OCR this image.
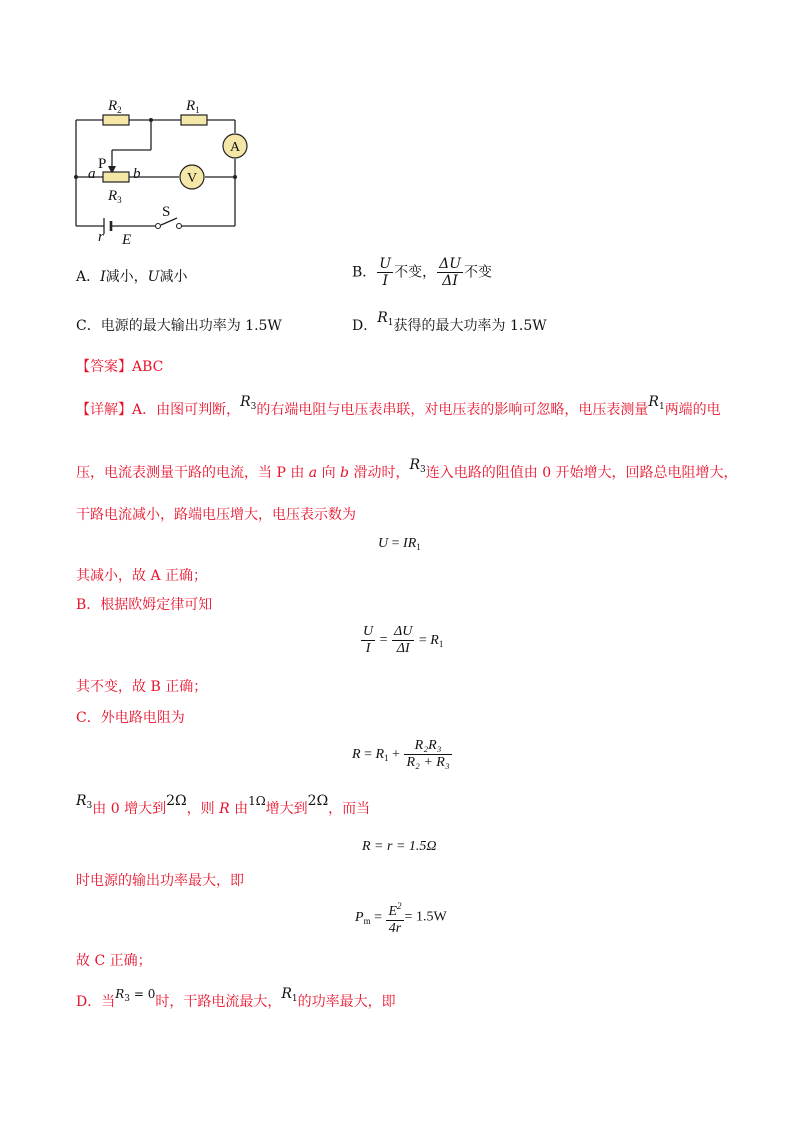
A
V
$R_2$	$R_1$
$R_3$
P
a	b
S
r E
A．I减小，U减小	B． $\frac{U}{I}$ 不变， $\frac{\Delta U}{\Delta I}$ 不变
C．电源的最大输出功率为 1.5W	D．$R_1$获得的最大功率为 1.5W
【答案】ABC
【详解】A．由图可判断，$R_3$的右端电阻与电压表串联，对电压表的影响可忽略，电压表测量$R_1$两端的电
压，电流表测量干路的电流，当 P 由 a 向 b 滑动时，$R_3$连入电路的阻值由 0 开始增大，回路总电阻增大，
干路电流减小，路端电压增大，电压表示数为
$U = IR_1$
其减小，故 A 正确；
B．根据欧姆定律可知
$\frac{U}{I} = \frac{\Delta U}{\Delta I} = R_1$
其不变，故 B 正确；
C．外电路电阻为
$R = R_1 + \frac{\text{R₂R₃}}{\text{R₂ + R₃}}$
$R_3$由 0 增大到2Ω，则 R 由1Ω增大到2Ω，而当
R = r = 1.5Ω
时电源的输出功率最大，即
$P_m = \frac{E^2}{4r} = 1.5W$
故 C 正确；
D．当$R_3 = 0$时，干路电流最大，$R_1$的功率最大，即
